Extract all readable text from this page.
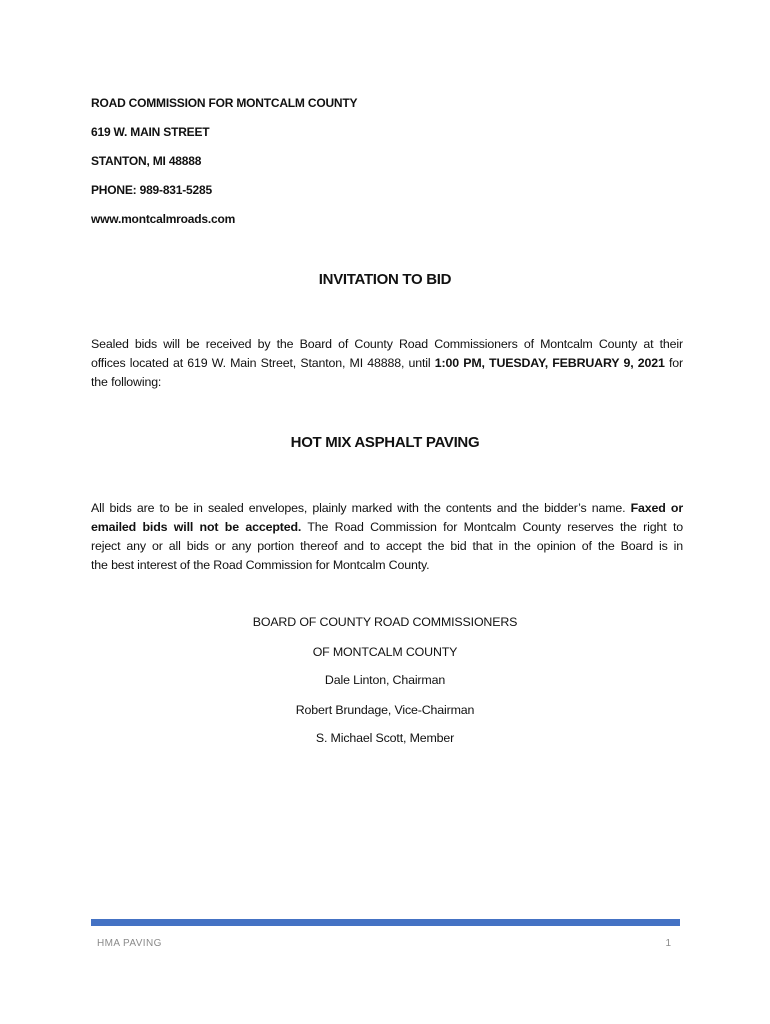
ROAD COMMISSION FOR MONTCALM COUNTY
619 W. MAIN STREET
STANTON, MI 48888
PHONE: 989-831-5285
www.montcalmroads.com
INVITATION TO BID
Sealed bids will be received by the Board of County Road Commissioners of Montcalm County at their
offices located at 619 W. Main Street, Stanton, MI 48888, until 1:00 PM, TUESDAY, FEBRUARY 9, 2021 for
the following:
HOT MIX ASPHALT PAVING
All bids are to be in sealed envelopes, plainly marked with the contents and the bidder’s name. Faxed or
emailed bids will not be accepted. The Road Commission for Montcalm County reserves the right to
reject any or all bids or any portion thereof and to accept the bid that in the opinion of the Board is in
the best interest of the Road Commission for Montcalm County.
BOARD OF COUNTY ROAD COMMISSIONERS
OF MONTCALM COUNTY
Dale Linton, Chairman
Robert Brundage, Vice-Chairman
S. Michael Scott, Member
HMA PAVING	1
